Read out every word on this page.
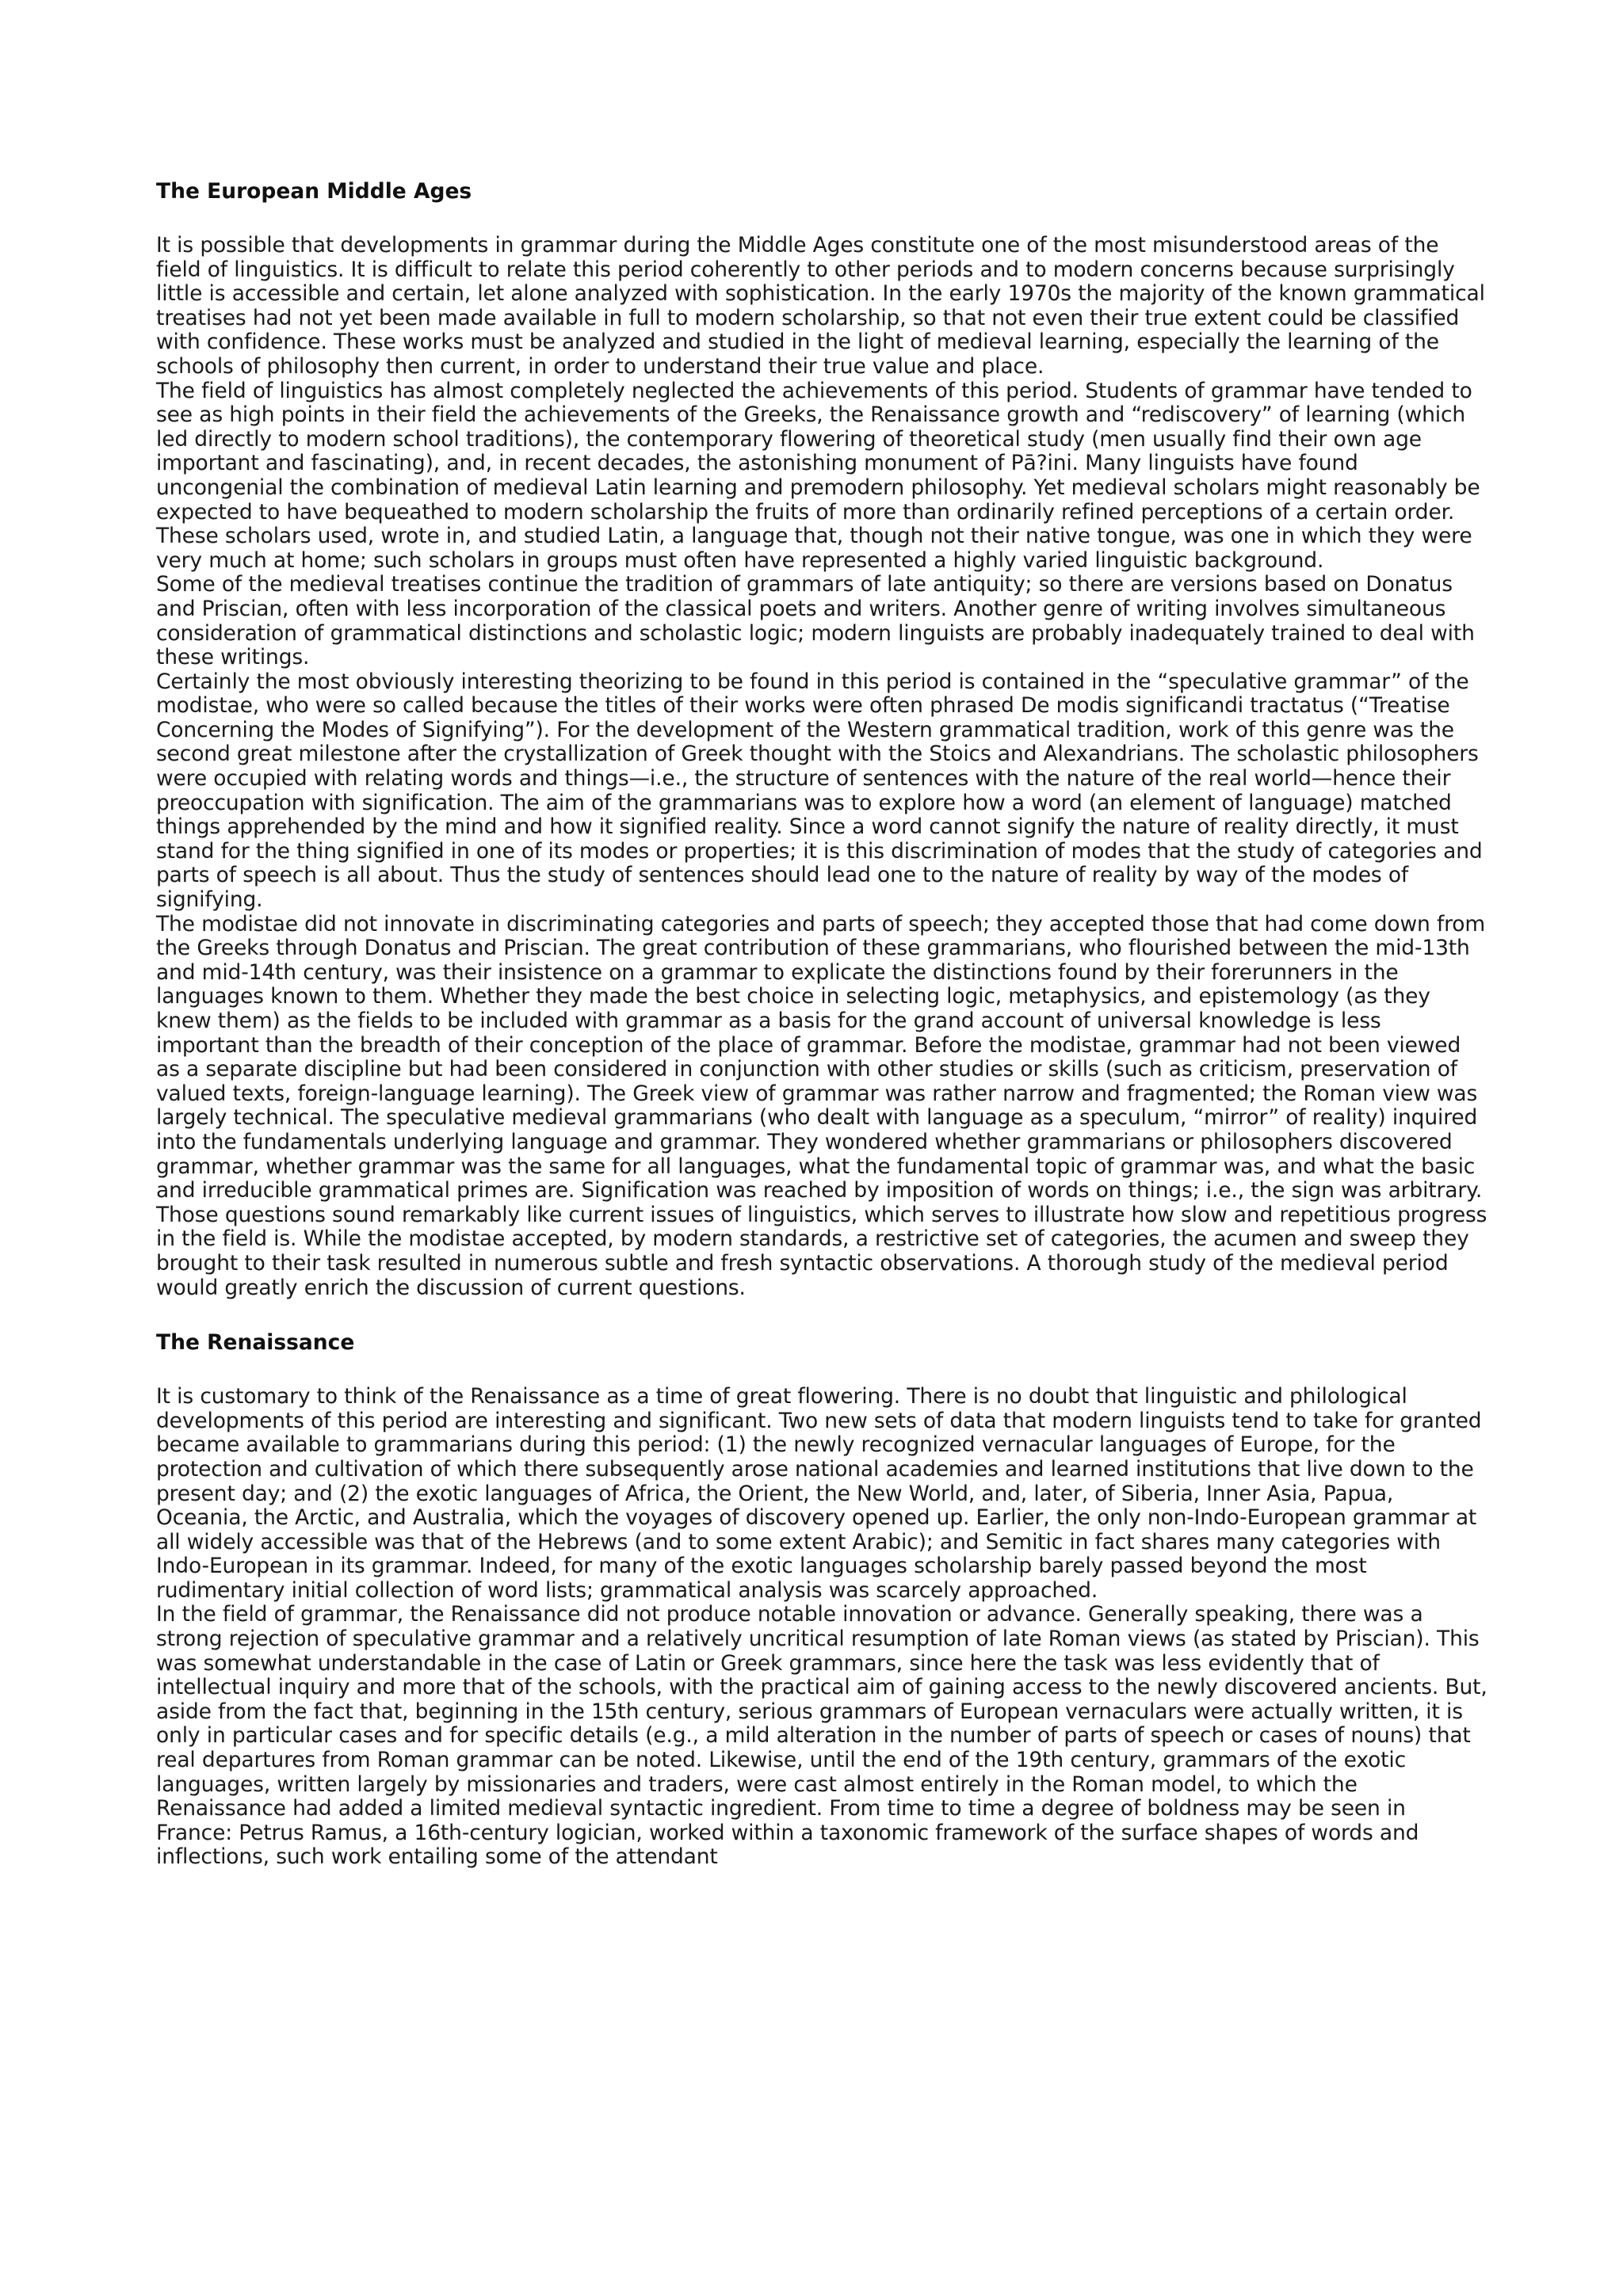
The European Middle Ages

It is possible that developments in grammar during the Middle Ages constitute one of the most misunderstood areas of the field of linguistics. It is difficult to relate this period coherently to other periods and to modern concerns because surprisingly little is accessible and certain, let alone analyzed with sophistication. In the early 1970s the majority of the known grammatical treatises had not yet been made available in full to modern scholarship, so that not even their true extent could be classified with confidence. These works must be analyzed and studied in the light of medieval learning, especially the learning of the schools of philosophy then current, in order to understand their true value and place.

The field of linguistics has almost completely neglected the achievements of this period. Students of grammar have tended to see as high points in their field the achievements of the Greeks, the Renaissance growth and “rediscovery” of learning (which led directly to modern school traditions), the contemporary flowering of theoretical study (men usually find their own age important and fascinating), and, in recent decades, the astonishing monument of Pā?ini. Many linguists have found uncongenial the combination of medieval Latin learning and premodern philosophy. Yet medieval scholars might reasonably be expected to have bequeathed to modern scholarship the fruits of more than ordinarily refined perceptions of a certain order. These scholars used, wrote in, and studied Latin, a language that, though not their native tongue, was one in which they were very much at home; such scholars in groups must often have represented a highly varied linguistic background.

Some of the medieval treatises continue the tradition of grammars of late antiquity; so there are versions based on Donatus and Priscian, often with less incorporation of the classical poets and writers. Another genre of writing involves simultaneous consideration of grammatical distinctions and scholastic logic; modern linguists are probably inadequately trained to deal with these writings.

Certainly the most obviously interesting theorizing to be found in this period is contained in the “speculative grammar” of the modistae, who were so called because the titles of their works were often phrased De modis significandi tractatus (“Treatise Concerning the Modes of Signifying”). For the development of the Western grammatical tradition, work of this genre was the second great milestone after the crystallization of Greek thought with the Stoics and Alexandrians. The scholastic philosophers were occupied with relating words and things—i.e., the structure of sentences with the nature of the real world—hence their preoccupation with signification. The aim of the grammarians was to explore how a word (an element of language) matched things apprehended by the mind and how it signified reality. Since a word cannot signify the nature of reality directly, it must stand for the thing signified in one of its modes or properties; it is this discrimination of modes that the study of categories and parts of speech is all about. Thus the study of sentences should lead one to the nature of reality by way of the modes of signifying.

The modistae did not innovate in discriminating categories and parts of speech; they accepted those that had come down from the Greeks through Donatus and Priscian. The great contribution of these grammarians, who flourished between the mid-13th and mid-14th century, was their insistence on a grammar to explicate the distinctions found by their forerunners in the languages known to them. Whether they made the best choice in selecting logic, metaphysics, and epistemology (as they knew them) as the fields to be included with grammar as a basis for the grand account of universal knowledge is less important than the breadth of their conception of the place of grammar. Before the modistae, grammar had not been viewed as a separate discipline but had been considered in conjunction with other studies or skills (such as criticism, preservation of valued texts, foreign-language learning). The Greek view of grammar was rather narrow and fragmented; the Roman view was largely technical. The speculative medieval grammarians (who dealt with language as a speculum, “mirror” of reality) inquired into the fundamentals underlying language and grammar. They wondered whether grammarians or philosophers discovered grammar, whether grammar was the same for all languages, what the fundamental topic of grammar was, and what the basic and irreducible grammatical primes are. Signification was reached by imposition of words on things; i.e., the sign was arbitrary. Those questions sound remarkably like current issues of linguistics, which serves to illustrate how slow and repetitious progress in the field is. While the modistae accepted, by modern standards, a restrictive set of categories, the acumen and sweep they brought to their task resulted in numerous subtle and fresh syntactic observations. A thorough study of the medieval period would greatly enrich the discussion of current questions.

The Renaissance

It is customary to think of the Renaissance as a time of great flowering. There is no doubt that linguistic and philological developments of this period are interesting and significant. Two new sets of data that modern linguists tend to take for granted became available to grammarians during this period: (1) the newly recognized vernacular languages of Europe, for the protection and cultivation of which there subsequently arose national academies and learned institutions that live down to the present day; and (2) the exotic languages of Africa, the Orient, the New World, and, later, of Siberia, Inner Asia, Papua, Oceania, the Arctic, and Australia, which the voyages of discovery opened up. Earlier, the only non-Indo-European grammar at all widely accessible was that of the Hebrews (and to some extent Arabic); and Semitic in fact shares many categories with Indo-European in its grammar. Indeed, for many of the exotic languages scholarship barely passed beyond the most rudimentary initial collection of word lists; grammatical analysis was scarcely approached.

In the field of grammar, the Renaissance did not produce notable innovation or advance. Generally speaking, there was a strong rejection of speculative grammar and a relatively uncritical resumption of late Roman views (as stated by Priscian). This was somewhat understandable in the case of Latin or Greek grammars, since here the task was less evidently that of intellectual inquiry and more that of the schools, with the practical aim of gaining access to the newly discovered ancients. But, aside from the fact that, beginning in the 15th century, serious grammars of European vernaculars were actually written, it is only in particular cases and for specific details (e.g., a mild alteration in the number of parts of speech or cases of nouns) that real departures from Roman grammar can be noted. Likewise, until the end of the 19th century, grammars of the exotic languages, written largely by missionaries and traders, were cast almost entirely in the Roman model, to which the Renaissance had added a limited medieval syntactic ingredient. From time to time a degree of boldness may be seen in France: Petrus Ramus, a 16th-century logician, worked within a taxonomic framework of the surface shapes of words and inflections, such work entailing some of the attendant
